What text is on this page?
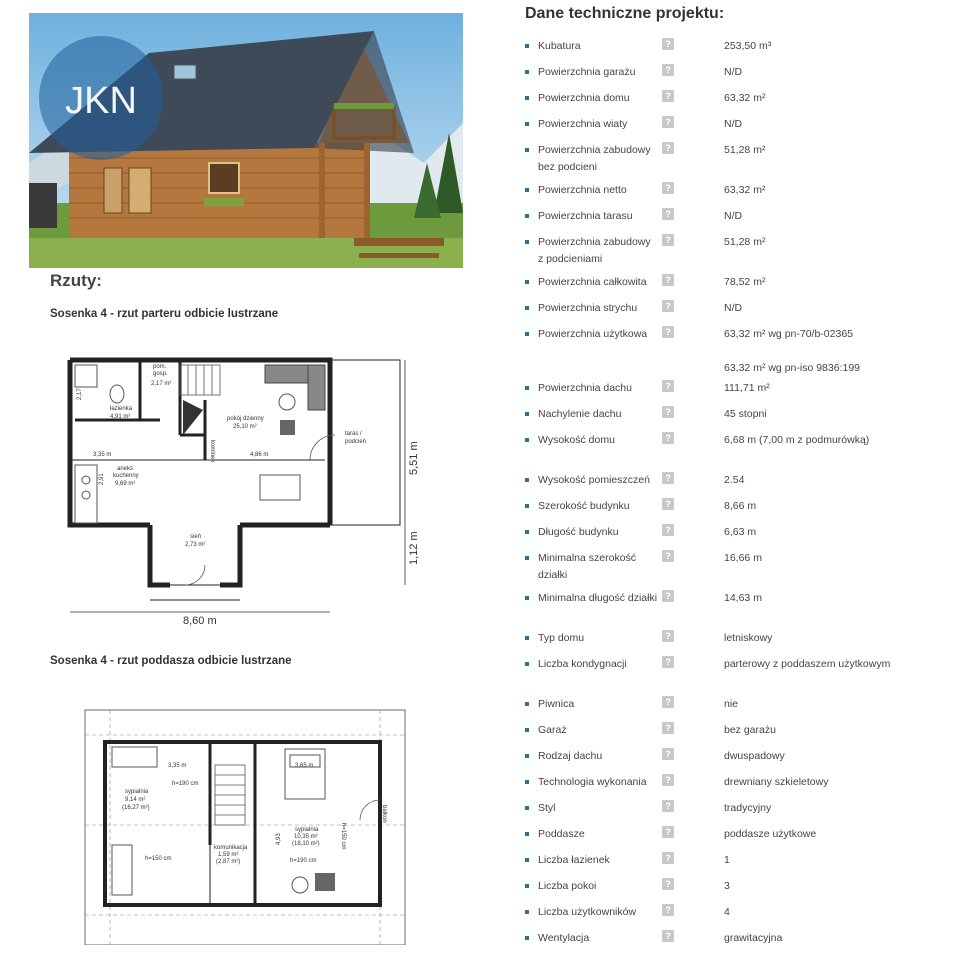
JKN
Rzuty:
Sosenka 4 - rzut parteru odbicie lustrzane
pom.
gosp.
2,17 m²
łazienka
4,91 m²
2,17
kominek
pokój dzienny
25,10 m²
taras /
podcień
3,35 m	4,86 m
2,91
aneks
kuchenny
9,69 m²
sień
2,73 m²
8,60 m
5,51 m
1,12 m
Sosenka 4 - rzut poddasza odbicie lustrzane
3,35 m
h=190 cm
sypialnia
9,14 m²
(16,27 m²)
h=150 cm
komunikacja
1,59 m²
(2,87 m²)
3,65 m
4,93
sypialnia
10,35 m²
(18,10 m²)
h=190 cm
h=150 cm
balkon
Dane techniczne projektu:
Kubatura	?	253,50 m³
Powierzchnia garażu	?	N/D
Powierzchnia domu	?	63,32 m²
Powierzchnia wiaty	?	N/D
Powierzchnia zabudowy bez podcieni
?	51,28 m²
Powierzchnia netto	?	63,32 m²
Powierzchnia tarasu	?	N/D
Powierzchnia zabudowy z podcieniami
?	51,28 m²
Powierzchnia całkowita	?	78,52 m²
Powierzchnia strychu	?	N/D
Powierzchnia użytkowa	?	63,32 m² wg pn-70/b-02365

63,32 m² wg pn-iso 9836:199
Powierzchnia dachu	?	111,71 m²
Nachylenie dachu	?	45 stopni
Wysokość domu	?	6,68 m (7,00 m z podmurówką)
Wysokość pomieszczeń	?	2.54
Szerokość budynku	?	8,66 m
Długość budynku	?	6,63 m
Minimalna szerokość działki
?	16,66 m
Minimalna długość działki ?	14,63 m
Typ domu	?	letniskowy
Liczba kondygnacji	?	parterowy z poddaszem użytkowym
Piwnica	?	nie
Garaż	?	bez garażu
Rodzaj dachu	?	dwuspadowy
Technologia wykonania	?	drewniany szkieletowy
Styl	?	tradycyjny
Poddasze	?	poddasze użytkowe
Liczba łazienek	?	1
Liczba pokoi	?	3
Liczba użytkowników	?	4
Wentylacja	?	grawitacyjna
